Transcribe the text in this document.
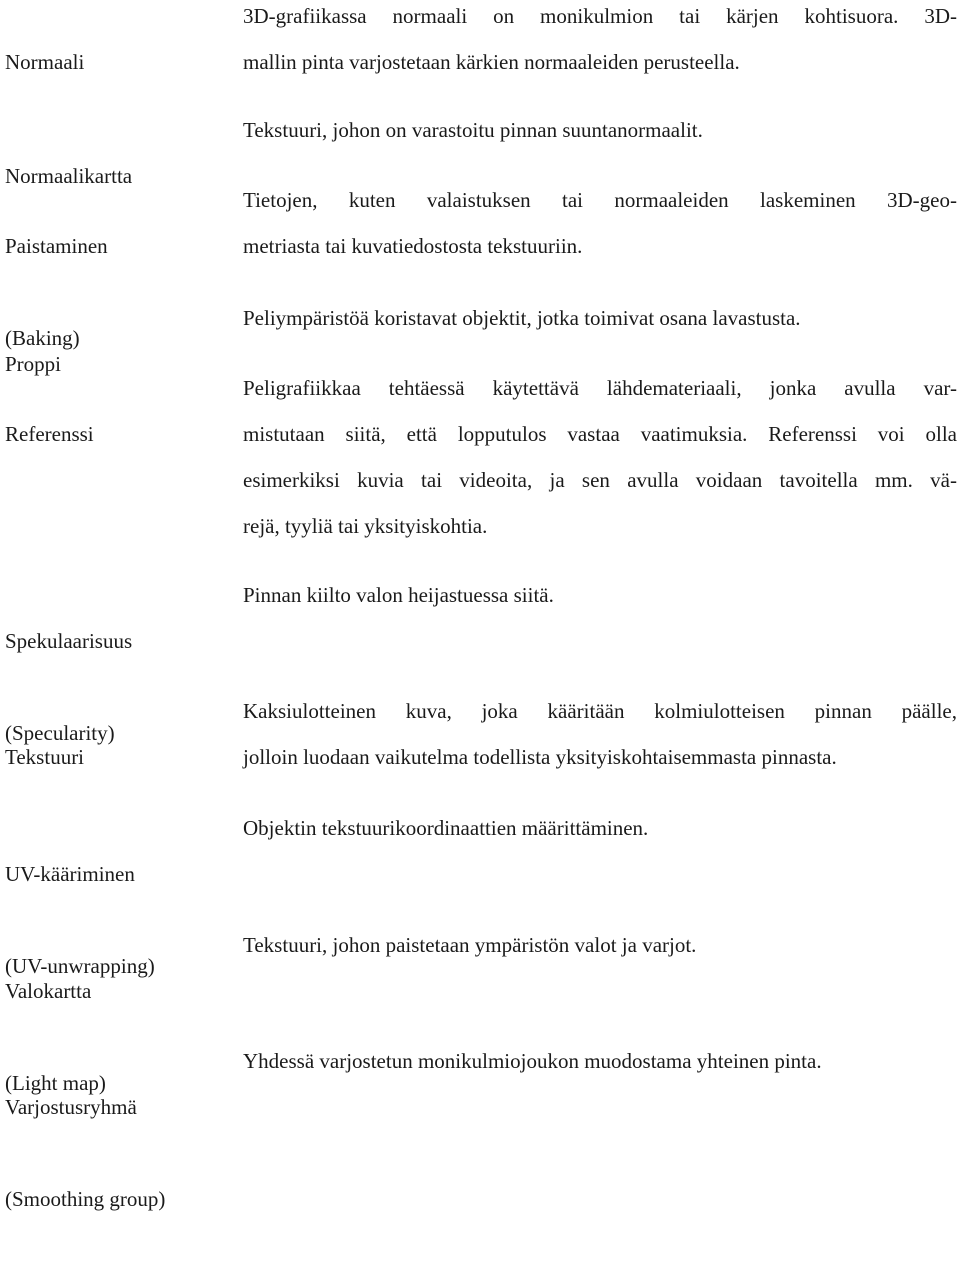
Normaali

3D-grafiikassa normaali on monikulmion tai kärjen kohtisuora. 3D-
mallin pinta varjostetaan kärkien normaaleiden perusteella.

Normaalikartta

Tekstuuri, johon on varastoitu pinnan suuntanormaalit.

Paistaminen

(Baking)

Tietojen, kuten valaistuksen tai normaaleiden laskeminen 3D-geo-
metriasta tai kuvatiedostosta tekstuuriin.

Proppi

Peliympäristöä koristavat objektit, jotka toimivat osana lavastusta.

Referenssi

Peligrafiikkaa tehtäessä käytettävä lähdemateriaali, jonka avulla var-
mistutaan siitä, että lopputulos vastaa vaatimuksia. Referenssi voi olla
esimerkiksi kuvia tai videoita, ja sen avulla voidaan tavoitella mm. vä-
rejä, tyyliä tai yksityiskohtia.

Spekulaarisuus

(Specularity)

Pinnan kiilto valon heijastuessa siitä.

Tekstuuri

Kaksiulotteinen kuva, joka kääritään kolmiulotteisen pinnan päälle,
jolloin luodaan vaikutelma todellista yksityiskohtaisemmasta pinnasta.

UV-kääriminen

(UV-unwrapping)

Objektin tekstuurikoordinaattien määrittäminen.

Valokartta

(Light map)

Tekstuuri, johon paistetaan ympäristön valot ja varjot.

Varjostusryhmä

(Smoothing group)

Yhdessä varjostetun monikulmiojoukon muodostama yhteinen pinta.
